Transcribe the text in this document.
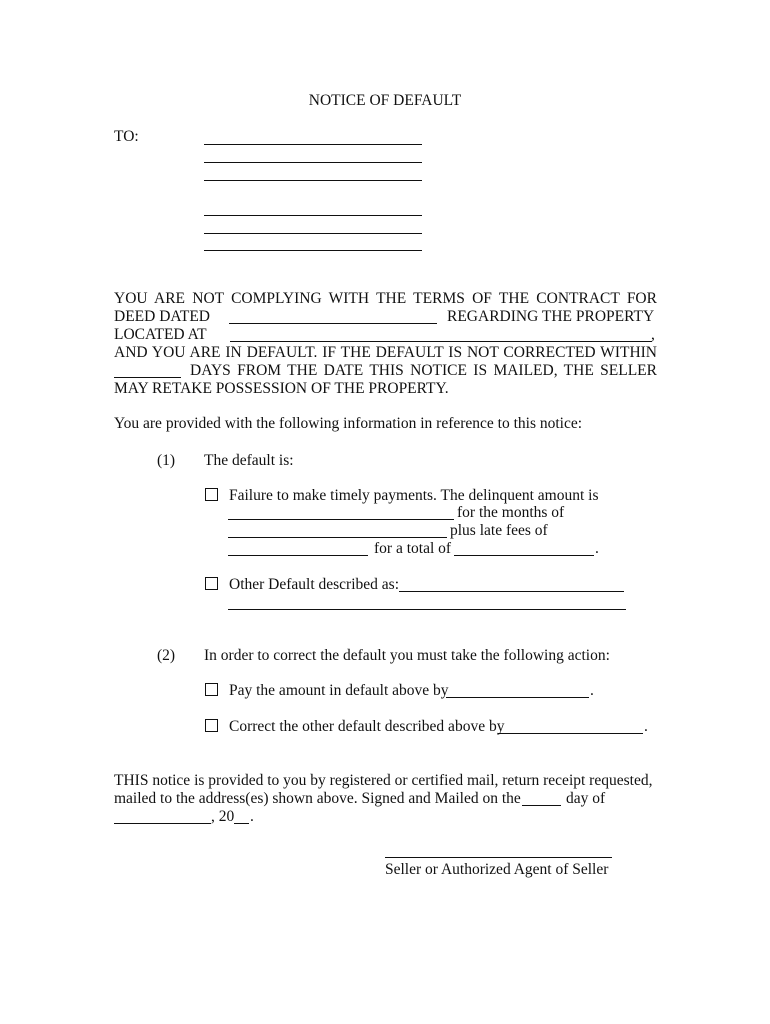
NOTICE OF DEFAULT
TO:
YOU ARE NOT COMPLYING WITH THE TERMS OF THE CONTRACT FOR
DEED DATED	REGARDING THE PROPERTY
LOCATED AT	,
AND YOU ARE IN DEFAULT. IF THE DEFAULT IS NOT CORRECTED WITHIN
DAYS FROM THE DATE THIS NOTICE IS MAILED, THE SELLER
MAY RETAKE POSSESSION OF THE PROPERTY.
You are provided with the following information in reference to this notice:
(1) The default is:
Failure to make timely payments. The delinquent amount is
for the months of
plus late fees of
for a total of	.
Other Default described as:
(2) In order to correct the default you must take the following action:
Pay the amount in default above by	.
Correct the other default described above by	.
THIS notice is provided to you by registered or certified mail, return receipt requested,
mailed to the address(es) shown above. Signed and Mailed on the	day of
, 20 .
Seller or Authorized Agent of Seller
